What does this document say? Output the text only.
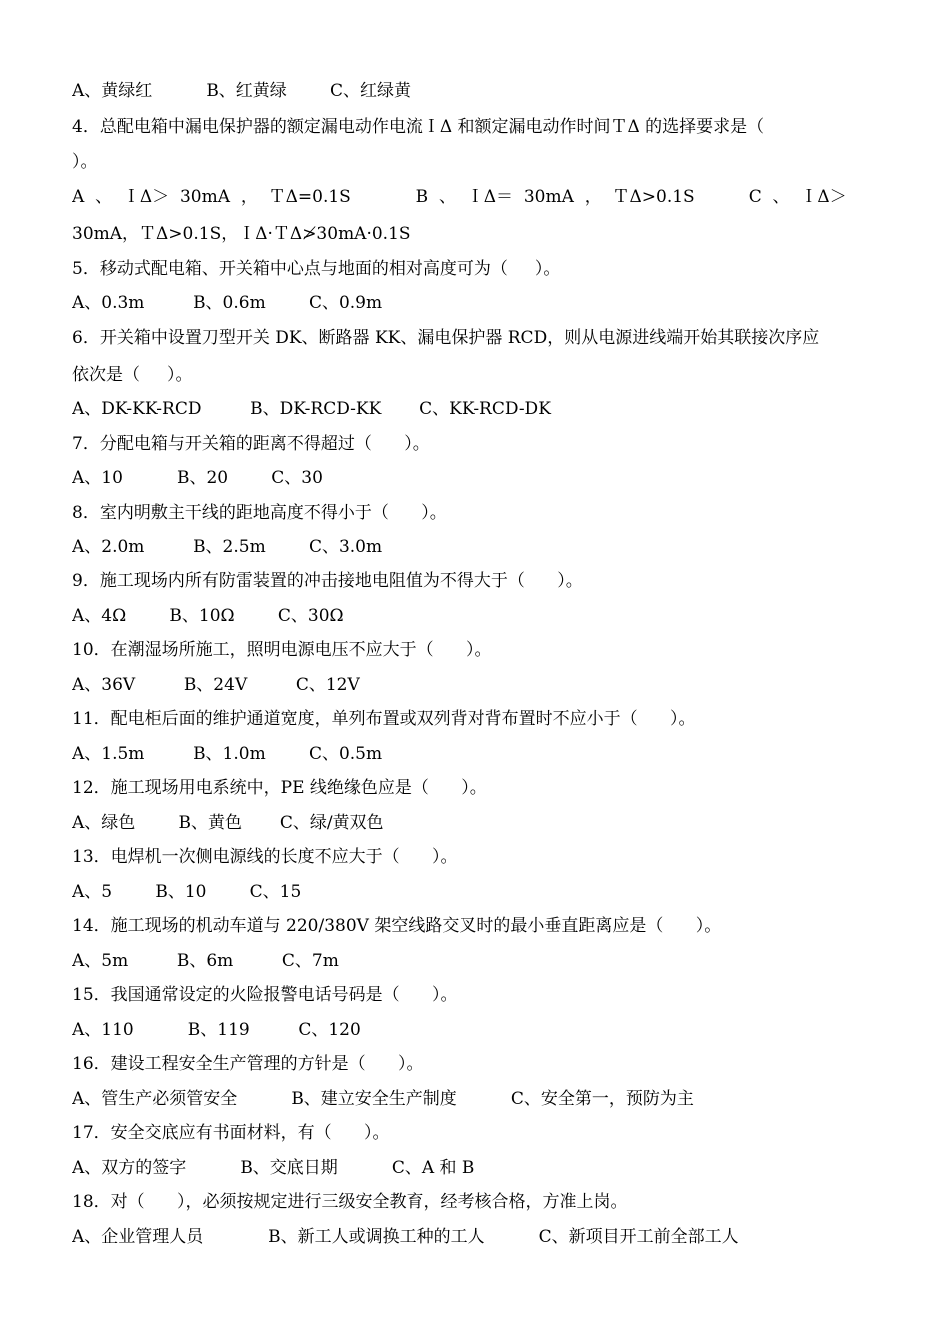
A、黄绿红          B、红黄绿        C、红绿黄
4．总配电箱中漏电保护器的额定漏电动作电流ＩΔ 和额定漏电动作时间ＴΔ 的选择要求是（
）。
A  、  ＩΔ＞  30mA  ，  ＴΔ=0.1S            B  、  ＩΔ＝  30mA  ，  ＴΔ>0.1S          C  、  ＩΔ＞
30mA，ＴΔ>0.1S，ＩΔ·ＴΔ≯30mA·0.1S
5．移动式配电箱、开关箱中心点与地面的相对高度可为（     ）。
A、0.3m         B、0.6m        C、0.9m
6．开关箱中设置刀型开关 DK、断路器 KK、漏电保护器 RCD，则从电源进线端开始其联接次序应
依次是（     ）。
A、DK-KK-RCD         B、DK-RCD-KK       C、KK-RCD-DK
7．分配电箱与开关箱的距离不得超过（      ）。
A、10          B、20        C、30
8．室内明敷主干线的距地高度不得小于（      ）。
A、2.0m         B、2.5m        C、3.0m
9．施工现场内所有防雷装置的冲击接地电阻值为不得大于（      ）。
A、4Ω        B、10Ω        C、30Ω
10．在潮湿场所施工，照明电源电压不应大于（      ）。
A、36V         B、24V         C、12V
11．配电柜后面的维护通道宽度，单列布置或双列背对背布置时不应小于（      ）。
A、1.5m         B、1.0m        C、0.5m
12．施工现场用电系统中，PE 线绝缘色应是（      ）。
A、绿色        B、黄色       C、绿/黄双色
13．电焊机一次侧电源线的长度不应大于（      ）。
A、5        B、10        C、15
14．施工现场的机动车道与 220/380V 架空线路交叉时的最小垂直距离应是（      ）。
A、5m         B、6m         C、7m
15．我国通常设定的火险报警电话号码是（      ）。
A、110          B、119         C、120
16．建设工程安全生产管理的方针是（      ）。
A、管生产必须管安全          B、建立安全生产制度          C、安全第一，预防为主
17．安全交底应有书面材料，有（      ）。
A、双方的签字          B、交底日期          C、A 和 B
18．对（      ），必须按规定进行三级安全教育，经考核合格，方准上岗。
A、企业管理人员            B、新工人或调换工种的工人          C、新项目开工前全部工人
